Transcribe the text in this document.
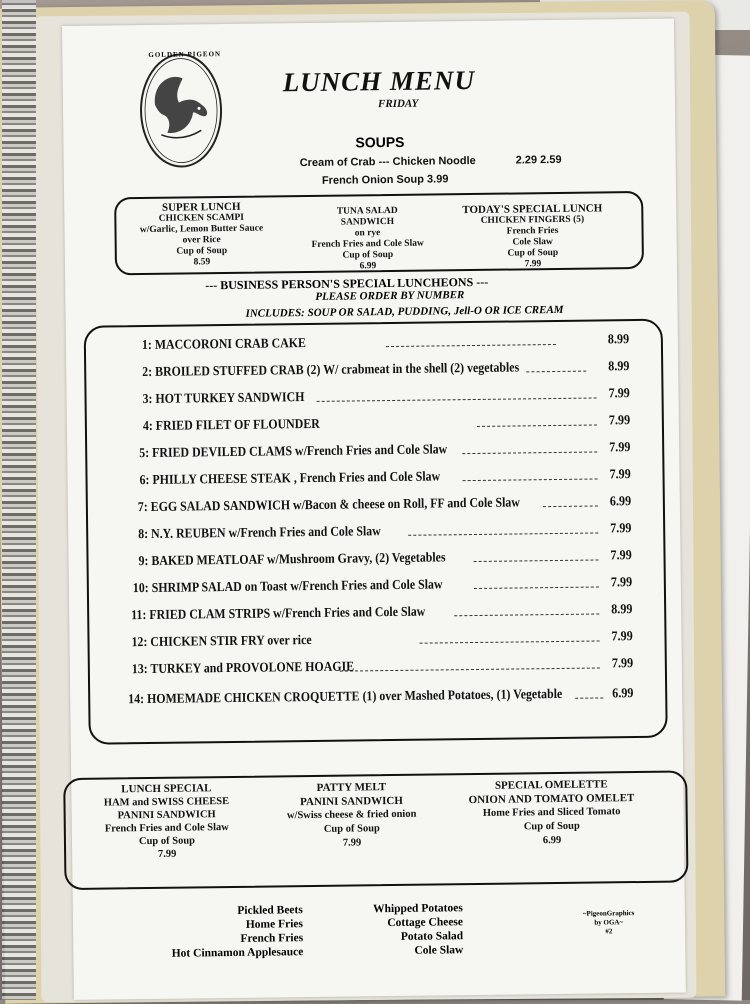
GOLDEN PIGEON
LUNCH MENU
FRIDAY
SOUPS
Cream of Crab --- Chicken Noodle	2.29 2.59
French Onion Soup 3.99
SUPER LUNCH
CHICKEN SCAMPI
w/Garlic, Lemon Butter Sauce
over Rice
Cup of Soup
8.59
TUNA SALAD
SANDWICH
on rye
French Fries and Cole Slaw
Cup of Soup
6.99
TODAY'S SPECIAL LUNCH
CHICKEN FINGERS (5)
French Fries
Cole Slaw
Cup of Soup
7.99
--- BUSINESS PERSON'S SPECIAL LUNCHEONS ---
PLEASE ORDER BY NUMBER
INCLUDES: SOUP OR SALAD, PUDDING, Jell-O OR ICE CREAM
1: MACCORONI CRAB CAKE	8.99
2: BROILED STUFFED CRAB (2) W/ crabmeat in the shell (2) vegetables	8.99
3: HOT TURKEY SANDWICH	7.99
4: FRIED FILET OF FLOUNDER	7.99
5: FRIED DEVILED CLAMS w/French Fries and Cole Slaw	7.99
6: PHILLY CHEESE STEAK , French Fries and Cole Slaw	7.99
7: EGG SALAD SANDWICH w/Bacon & cheese on Roll, FF and Cole Slaw	6.99
8: N.Y. REUBEN w/French Fries and Cole Slaw	7.99
9: BAKED MEATLOAF w/Mushroom Gravy, (2) Vegetables	7.99
10: SHRIMP SALAD on Toast w/French Fries and Cole Slaw	7.99
11: FRIED CLAM STRIPS w/French Fries and Cole Slaw	8.99
12: CHICKEN STIR FRY over rice	7.99
13: TURKEY and PROVOLONE HOAGIE	7.99
14: HOMEMADE CHICKEN CROQUETTE (1) over Mashed Potatoes, (1) Vegetable	6.99
LUNCH SPECIAL
HAM and SWISS CHEESE
PANINI SANDWICH
French Fries and Cole Slaw
Cup of Soup
7.99
PATTY MELT
PANINI SANDWICH
w/Swiss cheese & fried onion
Cup of Soup
7.99
SPECIAL OMELETTE
ONION AND TOMATO OMELET
Home Fries and Sliced Tomato
Cup of Soup
6.99
Pickled Beets
Home Fries
French Fries
Hot Cinnamon Applesauce
Whipped Potatoes
Cottage Cheese
Potato Salad
Cole Slaw
~PigeonGraphics
by OGA~
#2
